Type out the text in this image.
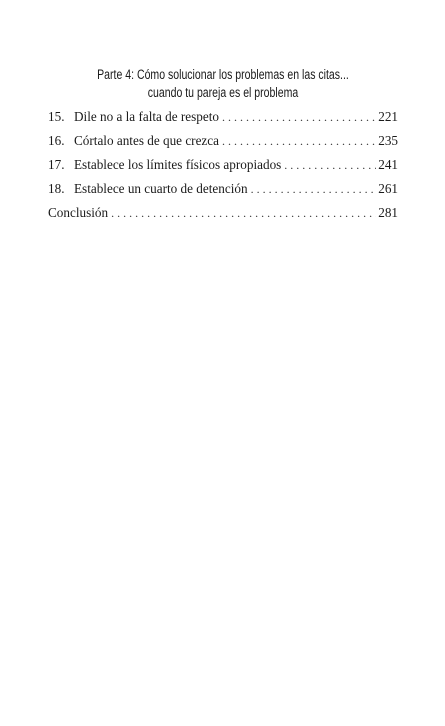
Parte 4: Cómo solucionar los problemas en las citas...
cuando tu pareja es el problema
15. Dile no a la falta de respeto . . .	221
16. Córtalo antes de que crezca . . .	235
17. Establece los límites físicos apropiados . . .	241
18. Establece un cuarto de detención . . .	261
Conclusión . . .	281
